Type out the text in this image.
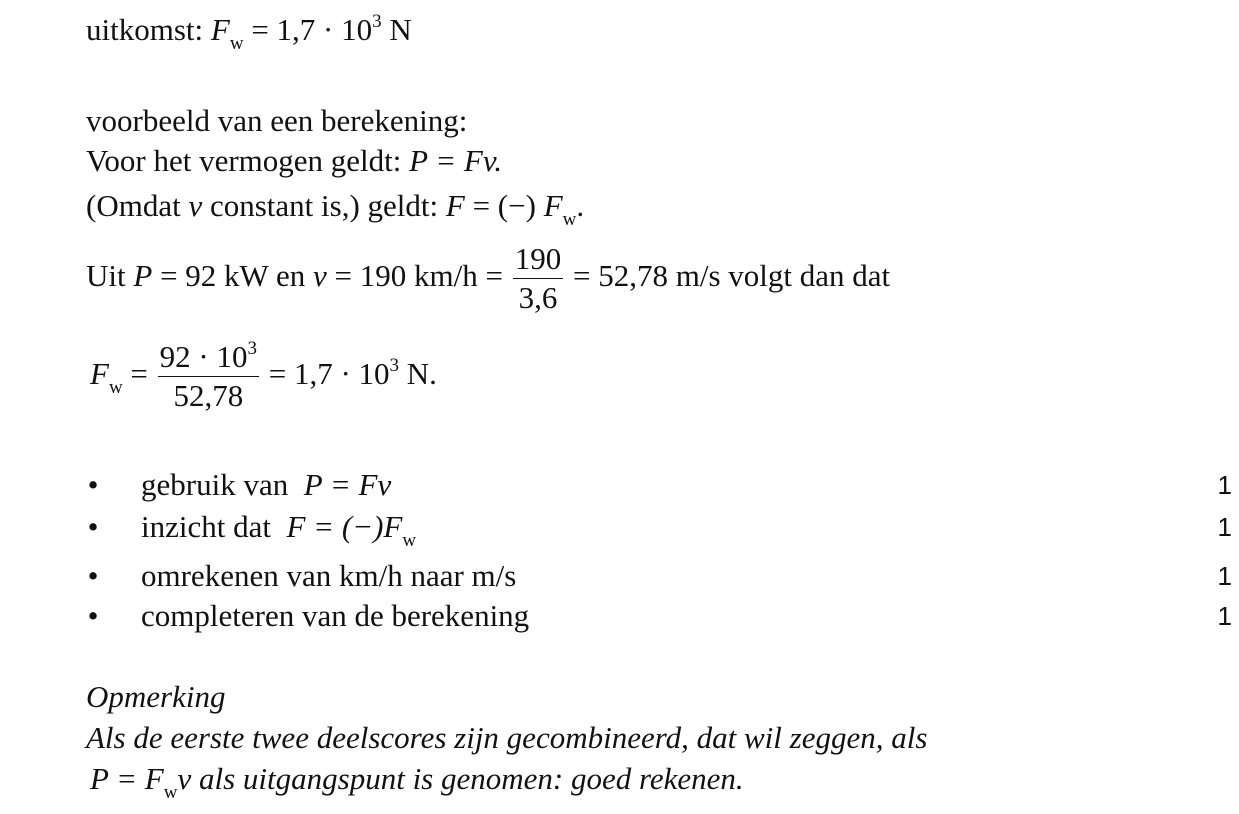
uitkomst: $F_w = 1,7 \cdot 10^3$ N
voorbeeld van een berekening:
Voor het vermogen geldt: P = Fv.
(Omdat v constant is,) geldt: F = (−) $F_w$.
Uit P = 92 kW en v = 190 $km/h = \frac{190}{3,6} = 52,78$ m/s volgt dan dat
$F_w = \frac{92 \cdot 10^3}{52,78} = 1,7 \cdot 10^3$ N.
• gebruik van P = Fv	1
• inzicht dat $F = (-)F_w$	1
• omrekenen van km/h naar m/s	1
• completeren van de berekening	1
Opmerking
Als de eerste twee deelscores zijn gecombineerd, dat wil zeggen, als
$P = F_wv$ als uitgangspunt is genomen: goed rekenen.
